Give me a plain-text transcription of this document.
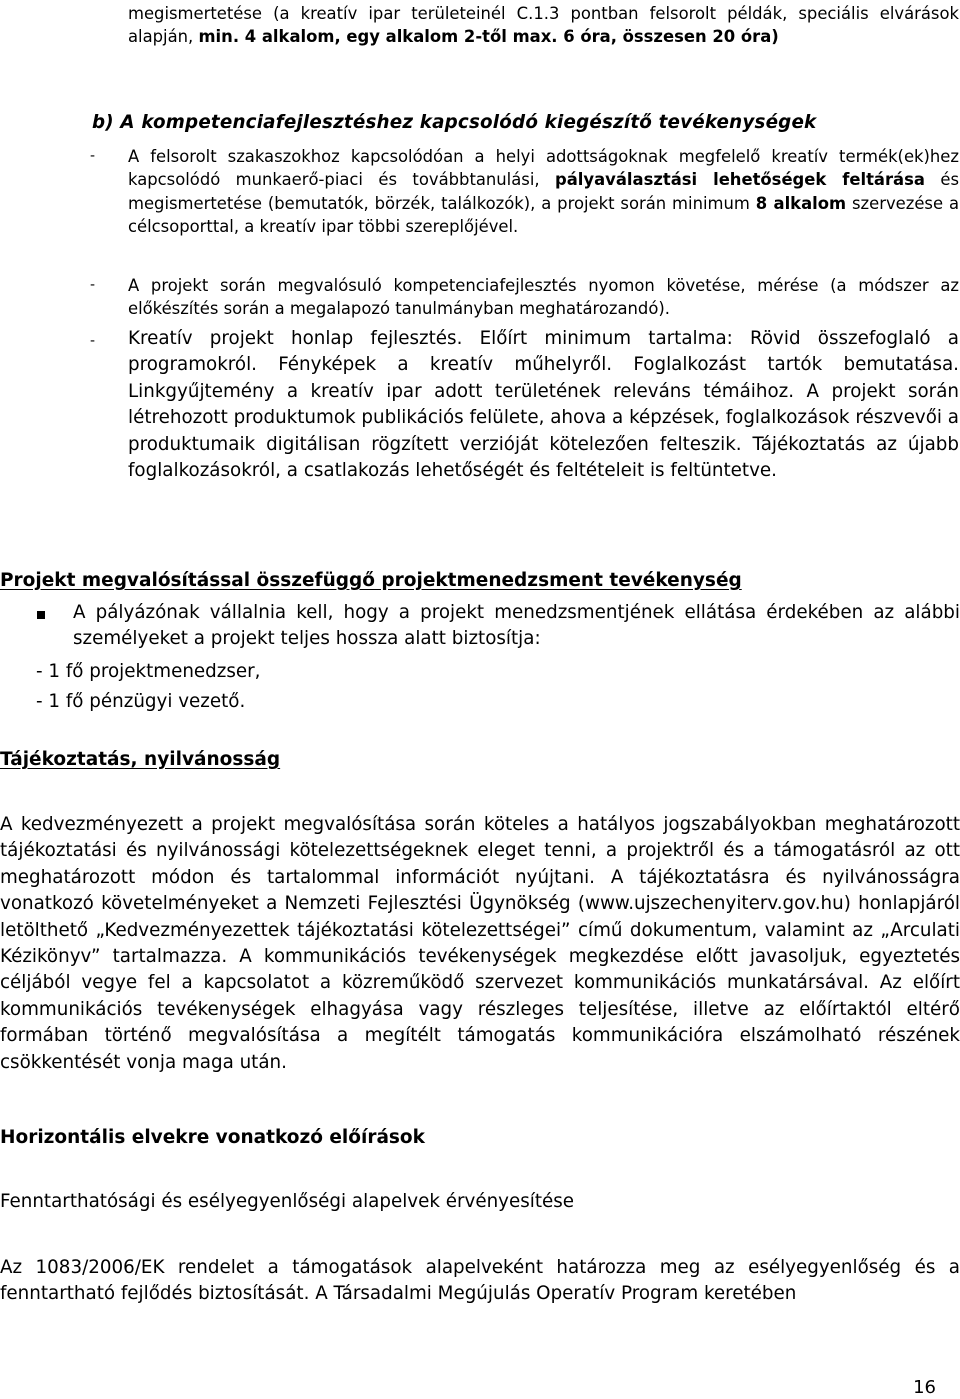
megismertetése (a kreatív ipar területeinél C.1.3 pontban felsorolt példák, speciális elvárások alapján, min. 4 alkalom, egy alkalom 2-től max. 6 óra, összesen 20 óra)

b) A kompetenciafejlesztéshez kapcsolódó kiegészítő tevékenységek
- A felsorolt szakaszokhoz kapcsolódóan a helyi adottságoknak megfelelő kreatív termék(ek)hez kapcsolódó munkaerő-piaci és továbbtanulási, pályaválasztási lehetőségek feltárása és megismertetése (bemutatók, börzék, találkozók), a projekt során minimum 8 alkalom szervezése a célcsoporttal, a kreatív ipar többi szereplőjével.

- A projekt során megvalósuló kompetenciafejlesztés nyomon követése, mérése (a módszer az előkészítés során a megalapozó tanulmányban meghatározandó).

- Kreatív projekt honlap fejlesztés. Előírt minimum tartalma: Rövid összefoglaló a programokról. Fényképek a kreatív műhelyről. Foglalkozást tartók bemutatása. Linkgyűjtemény a kreatív ipar adott területének releváns témáihoz. A projekt során létrehozott produktumok publikációs felülete, ahova a képzések, foglalkozások részvevői a produktumaik digitálisan rögzített verzióját kötelezően felteszik. Tájékoztatás az újabb foglalkozásokról, a csatlakozás lehetőségét és feltételeit is feltüntetve.

Projekt megvalósítással összefüggő projektmenedzsment tevékenység

A pályázónak vállalnia kell, hogy a projekt menedzsmentjének ellátása érdekében az alábbi személyeket a projekt teljes hossza alatt biztosítja:

- 1 fő projektmenedzser,
- 1 fő pénzügyi vezető.
Tájékoztatás, nyilvánosság

A kedvezményezett a projekt megvalósítása során köteles a hatályos jogszabályokban meghatározott tájékoztatási és nyilvánossági kötelezettségeknek eleget tenni, a projektről és a támogatásról az ott meghatározott módon és tartalommal információt nyújtani. A tájékoztatásra és nyilvánosságra vonatkozó követelményeket a Nemzeti Fejlesztési Ügynökség (www.ujszechenyiterv.gov.hu) honlapjáról letölthető „Kedvezményezettek tájékoztatási kötelezettségei” című dokumentum, valamint az „Arculati Kézikönyv” tartalmazza. A kommunikációs tevékenységek megkezdése előtt javasoljuk, egyeztetés céljából vegye fel a kapcsolatot a közreműködő szervezet kommunikációs munkatársával. Az előírt kommunikációs tevékenységek elhagyása vagy részleges teljesítése, illetve az előírtaktól eltérő formában történő megvalósítása a megítélt támogatás kommunikációra elszámolható részének csökkentését vonja maga után.

Horizontális elvekre vonatkozó előírások
Fenntarthatósági és esélyegyenlőségi alapelvek érvényesítése

Az 1083/2006/EK rendelet a támogatások alapelveként határozza meg az esélyegyenlőség és a fenntartható fejlődés biztosítását. A Társadalmi Megújulás Operatív Program keretében

16
